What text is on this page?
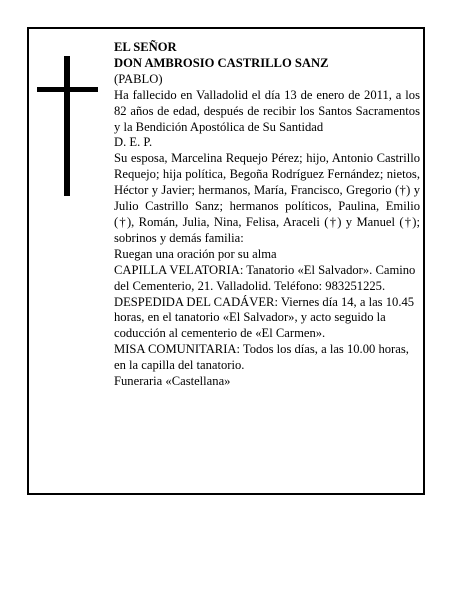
EL SEÑOR

DON AMBROSIO CASTRILLO SANZ

(PABLO)

Ha fallecido en Valladolid el día 13 de enero de 2011, a los 82 años de edad, después de recibir los Santos Sacramentos y la Bendición Apostólica de Su Santidad

D. E. P.

Su esposa, Marcelina Requejo Pérez; hijo, Antonio Castrillo Requejo; hija política, Begoña Rodríguez Fernández; nietos, Héctor y Javier; hermanos, María, Francisco, Gregorio (†) y Julio Castrillo Sanz; hermanos políticos, Paulina, Emilio (†), Román, Julia, Nina, Felisa, Araceli (†) y Manuel (†); sobrinos y demás familia:

Ruegan una oración por su alma

CAPILLA VELATORIA: Tanatorio «El Salvador». Camino del Cementerio, 21. Valladolid. Teléfono: 983251225.

DESPEDIDA DEL CADÁVER: Viernes día 14, a las 10.45 horas, en el tanatorio «El Salvador», y acto seguido la coducción al cementerio de «El Carmen».

MISA COMUNITARIA: Todos los días, a las 10.00 horas, en la capilla del tanatorio.

Funeraria «Castellana»
